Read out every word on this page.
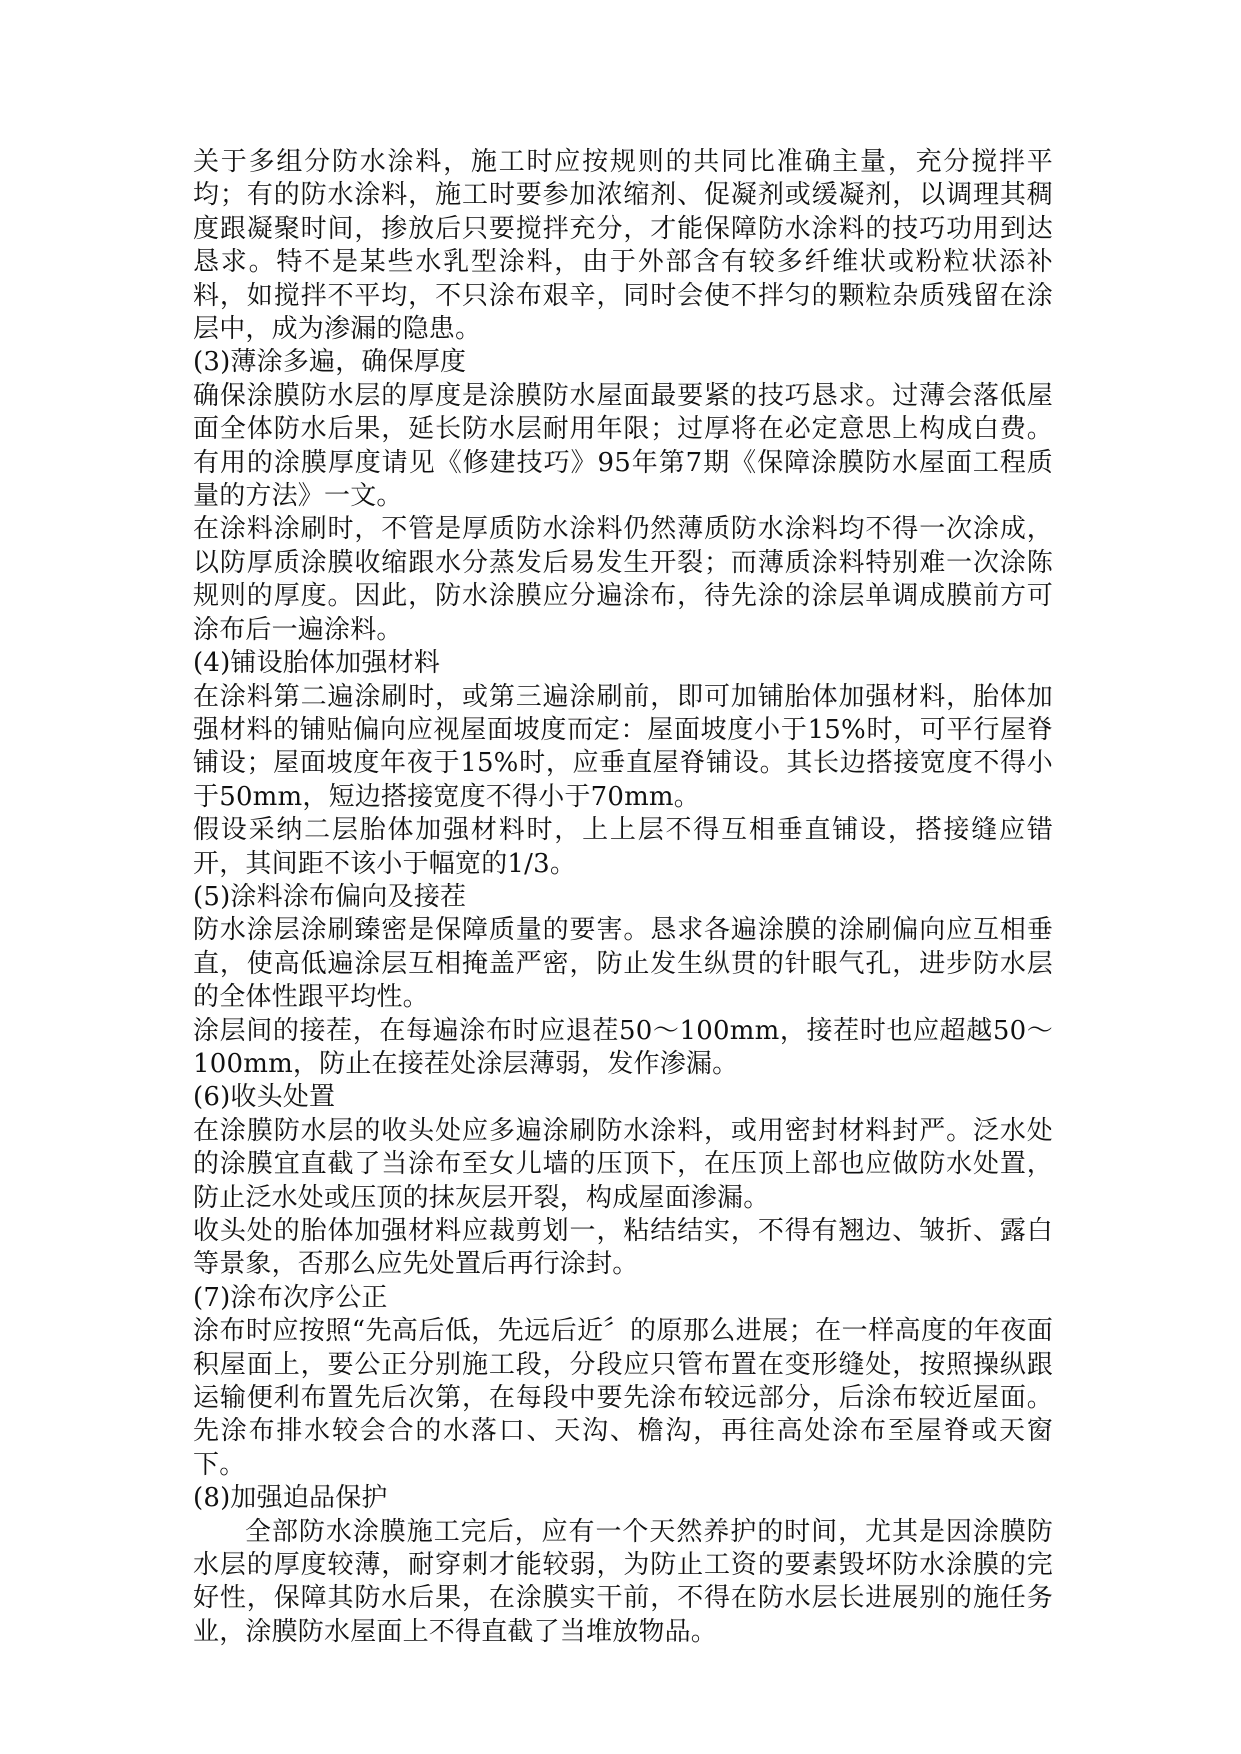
关于多组分防水涂料，施工时应按规则的共同比准确主量，充分搅拌平均；有的防水涂料，施工时要参加浓缩剂、促凝剂或缓凝剂，以调理其稠度跟凝聚时间，掺放后只要搅拌充分，才能保障防水涂料的技巧功用到达恳求。特不是某些水乳型涂料，由于外部含有较多纤维状或粉粒状添补料，如搅拌不平均，不只涂布艰辛，同时会使不拌匀的颗粒杂质残留在涂层中，成为渗漏的隐患。

(3)薄涂多遍，确保厚度

确保涂膜防水层的厚度是涂膜防水屋面最要紧的技巧恳求。过薄会落低屋面全体防水后果，延长防水层耐用年限；过厚将在必定意思上构成白费。有用的涂膜厚度请见《修建技巧》95年第7期《保障涂膜防水屋面工程质量的方法》一文。

在涂料涂刷时，不管是厚质防水涂料仍然薄质防水涂料均不得一次涂成，以防厚质涂膜收缩跟水分蒸发后易发生开裂；而薄质涂料特别难一次涂陈规则的厚度。因此，防水涂膜应分遍涂布，待先涂的涂层单调成膜前方可涂布后一遍涂料。

(4)铺设胎体加强材料

在涂料第二遍涂刷时，或第三遍涂刷前，即可加铺胎体加强材料，胎体加强材料的铺贴偏向应视屋面坡度而定：屋面坡度小于15%时，可平行屋脊铺设；屋面坡度年夜于15%时，应垂直屋脊铺设。其长边搭接宽度不得小于50mm，短边搭接宽度不得小于70mm。

假设采纳二层胎体加强材料时，上上层不得互相垂直铺设，搭接缝应错开，其间距不该小于幅宽的1/3。

(5)涂料涂布偏向及接茬

防水涂层涂刷臻密是保障质量的要害。恳求各遍涂膜的涂刷偏向应互相垂直，使高低遍涂层互相掩盖严密，防止发生纵贯的针眼气孔，进步防水层的全体性跟平均性。

涂层间的接茬，在每遍涂布时应退茬50～100mm，接茬时也应超越50～100mm，防止在接茬处涂层薄弱，发作渗漏。

(6)收头处置

在涂膜防水层的收头处应多遍涂刷防水涂料，或用密封材料封严。泛水处的涂膜宜直截了当涂布至女儿墙的压顶下，在压顶上部也应做防水处置，防止泛水处或压顶的抹灰层开裂，构成屋面渗漏。

收头处的胎体加强材料应裁剪划一，粘结结实，不得有翘边、皱折、露白等景象，否那么应先处置后再行涂封。

(7)涂布次序公正

涂布时应按照“先高后低，先远后近〞的原那么进展；在一样高度的年夜面积屋面上，要公正分别施工段，分段应只管布置在变形缝处，按照操纵跟运输便利布置先后次第，在每段中要先涂布较远部分，后涂布较近屋面。先涂布排水较会合的水落口、天沟、檐沟，再往高处涂布至屋脊或天窗下。

(8)加强迫品保护

全部防水涂膜施工完后，应有一个天然养护的时间，尤其是因涂膜防水层的厚度较薄，耐穿刺才能较弱，为防止工资的要素毁坏防水涂膜的完好性，保障其防水后果，在涂膜实干前，不得在防水层长进展别的施任务业，涂膜防水屋面上不得直截了当堆放物品。
